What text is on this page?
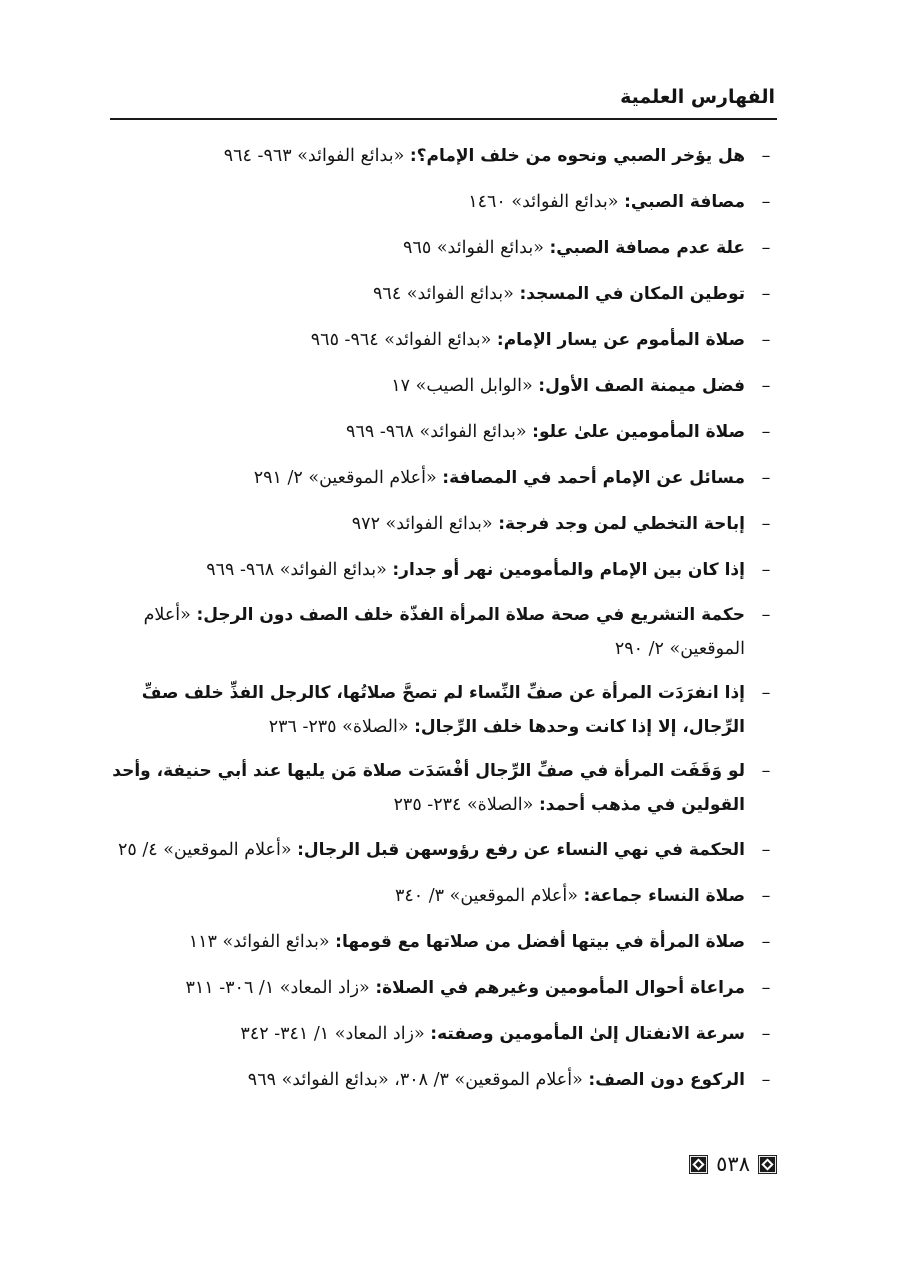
الفهارس العلمية
–
هل يؤخر الصبي ونحوه من خلف الإمام؟: «بدائع الفوائد» ٩٦٣- ٩٦٤
–
مصافة الصبي: «بدائع الفوائد» ١٤٦٠
–
علة عدم مصافة الصبي: «بدائع الفوائد» ٩٦٥
–
توطين المكان في المسجد: «بدائع الفوائد» ٩٦٤
–
صلاة المأموم عن يسار الإمام: «بدائع الفوائد» ٩٦٤- ٩٦٥
–
فضل ميمنة الصف الأول: «الوابل الصيب» ١٧
–
صلاة المأمومين علىٰ علو: «بدائع الفوائد» ٩٦٨- ٩٦٩
–
مسائل عن الإمام أحمد في المصافة: «أعلام الموقعين» ٢/ ٢٩١
–
إباحة التخطي لمن وجد فرجة: «بدائع الفوائد» ٩٧٢
–
إذا كان بين الإمام والمأمومين نهر أو جدار: «بدائع الفوائد» ٩٦٨- ٩٦٩
–
حكمة التشريع في صحة صلاة المرأة الفذّة خلف الصف دون الرجل: «أعلام الموقعين» ٢/ ٢٩٠
–
إذا انفرَدَت المرأة عن صفِّ النِّساء لم تصحَّ صلاتُها، كالرجل الفذِّ خلف صفِّ الرِّجال، إلا إذا كانت وحدها خلف الرِّجال: «الصلاة» ٢٣٥- ٢٣٦
–
لو وَقَفَت المرأة في صفِّ الرِّجال أفْسَدَت صلاة مَن يليها عند أبي حنيفة، وأحد القولين في مذهب أحمد: «الصلاة» ٢٣٤- ٢٣٥
–
الحكمة في نهي النساء عن رفع رؤوسهن قبل الرجال: «أعلام الموقعين» ٤/ ٢٥
–
صلاة النساء جماعة: «أعلام الموقعين» ٣/ ٣٤٠
–
صلاة المرأة في بيتها أفضل من صلاتها مع قومها: «بدائع الفوائد» ١١٣
–
مراعاة أحوال المأمومين وغيرهم في الصلاة: «زاد المعاد» ١/ ٣٠٦- ٣١١
–
سرعة الانفتال إلىٰ المأمومين وصفته: «زاد المعاد» ١/ ٣٤١- ٣٤٢
–
الركوع دون الصف: «أعلام الموقعين» ٣/ ٣٠٨، «بدائع الفوائد» ٩٦٩
٥٣٨
